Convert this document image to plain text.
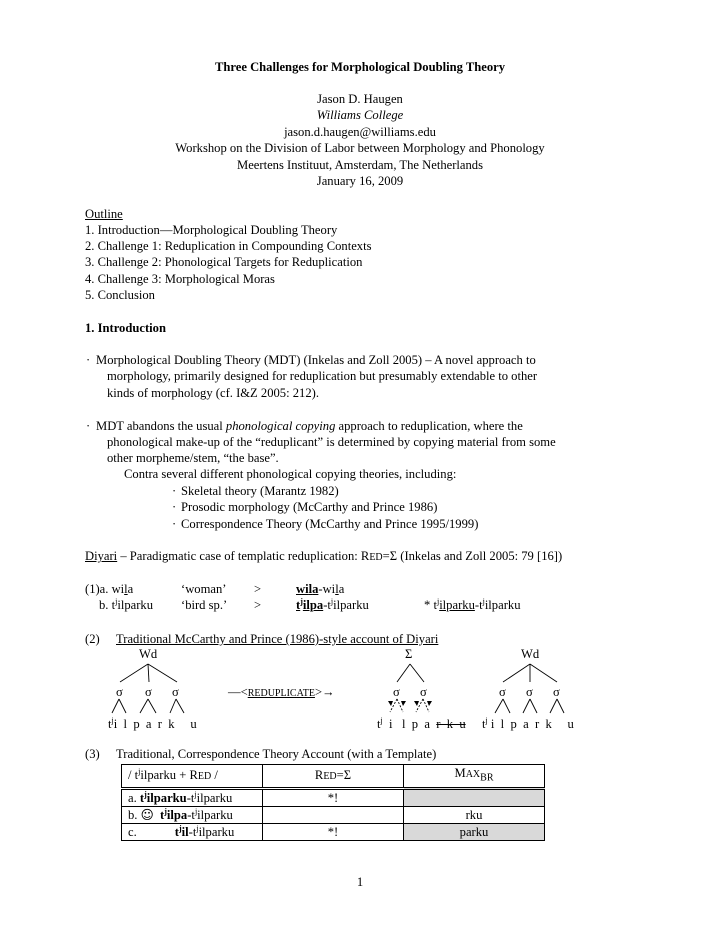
Three Challenges for Morphological Doubling Theory
Jason D. Haugen
Williams College
jason.d.haugen@williams.edu
Workshop on the Division of Labor between Morphology and Phonology
Meertens Instituut, Amsterdam, The Netherlands
January 16, 2009
Outline
1. Introduction—Morphological Doubling Theory
2. Challenge 1: Reduplication in Compounding Contexts
3. Challenge 2: Phonological Targets for Reduplication
4. Challenge 3: Morphological Moras
5. Conclusion
1. Introduction
· Morphological Doubling Theory (MDT) (Inkelas and Zoll 2005) – A novel approach to
morphology, primarily designed for reduplication but presumably extendable to other
kinds of morphology (cf. I&Z 2005: 212).
· MDT abandons the usual phonological copying approach to reduplication, where the
phonological make-up of the “reduplicant” is determined by copying material from some
other morpheme/stem, “the base”.
Contra several different phonological copying theories, including:
· Skeletal theory (Marantz 1982)
· Prosodic morphology (McCarthy and Prince 1986)
· Correspondence Theory (McCarthy and Prince 1995/1999)
Diyari – Paradigmatic case of templatic reduplication: RED=Σ (Inkelas and Zoll 2005: 79 [16])
(1)a. wila	‘woman’ >	wila-wila
b. $t^jilparku$ ‘bird sp.’ >	$t^jilpa-t^jilparku$	* $t^jilparku-t^jilparku$
(2) Traditional McCarthy and Prince (1986)-style account of Diyari
Wd	Σ	Wd
σ σ σ	—<REDUPLICATE>→	σ σ	σ σ σ
$t^ji$  l  p  a  r  k     u	$t^j$  i   l  p  a  r  k  u $t^j$ i  l  p  a  r  k     u
(3) Traditional, Correspondence Theory Account (with a Template)
/ $t^jilparku$ + RED /	RED=Σ	$MAX_{BR}$
a. $t^jilparku-t^jilparku$	*!	
b. ☺ $t^jilpa-t^jilparku$		rku
c. $t^jil-t^jilparku$	*!	parku
1
